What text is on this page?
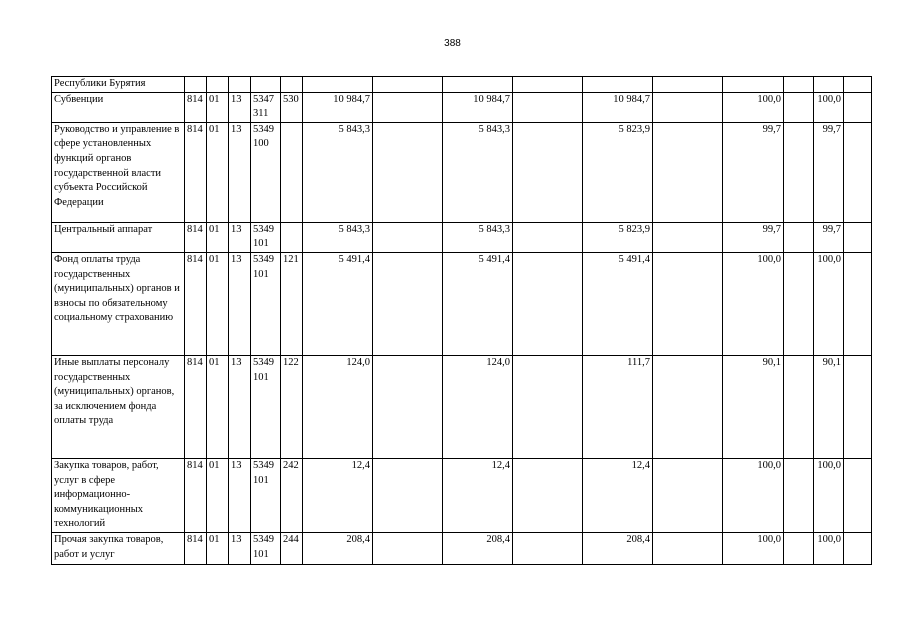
388
Республики Бурятия															
Субвенции	814	01	13	5347 311	530	10 984,7		10 984,7		10 984,7		100,0		100,0	
Руководство и управление в сфере установленных функций органов государственной власти субъекта Российской Федерации	814	01	13	5349 100		5 843,3		5 843,3		5 823,9		99,7		99,7	
Центральный аппарат	814	01	13	5349 101		5 843,3		5 843,3		5 823,9		99,7		99,7	
Фонд оплаты труда государственных (муниципальных) органов и взносы по обязательному социальному страхованию	814	01	13	5349 101	121	5 491,4		5 491,4		5 491,4		100,0		100,0	
Иные выплаты персоналу государственных (муниципальных) органов, за исключением фонда оплаты труда	814	01	13	5349 101	122	124,0		124,0		111,7		90,1		90,1	
Закупка товаров, работ, услуг в сфере информационно-коммуникационных технологий	814	01	13	5349 101	242	12,4		12,4		12,4		100,0		100,0	
Прочая закупка товаров, работ и услуг	814	01	13	5349 101	244	208,4		208,4		208,4		100,0		100,0	
